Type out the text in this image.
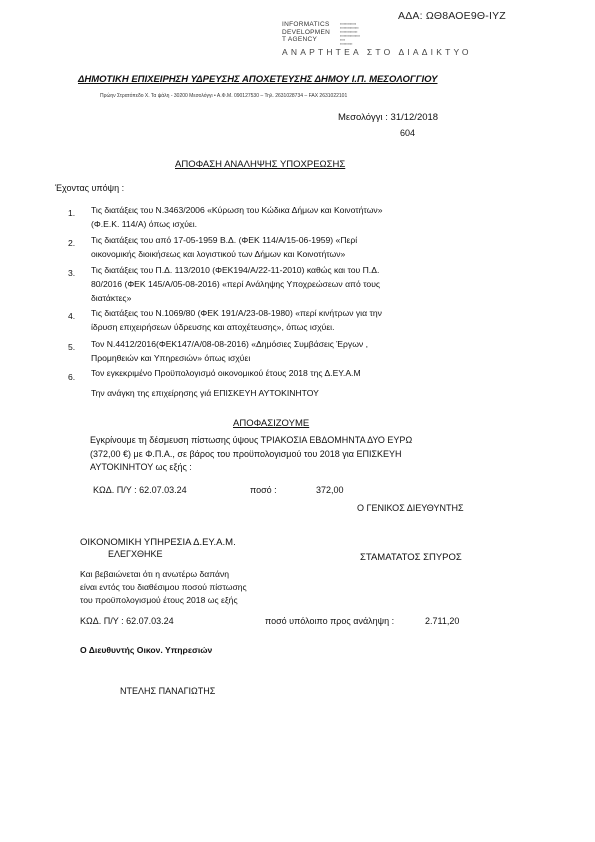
ΑΔΑ: ΩΘ8ΑΟΕ9Θ-ΙΥΖ
INFORMATICS
DEVELOPMEN
T AGENCY
▪▪▪▪▪▪▪▪▪▪▪▪▪
▪▪▪▪▪▪▪▪▪▪▪▪▪▪▪
▪▪▪▪▪▪▪▪▪▪▪▪▪▪
▪▪▪▪▪▪▪▪▪▪▪▪▪▪▪▪
▪▪▪▪
▪▪▪▪▪▪▪▪▪▪
ΑΝΑΡΤΗΤΕΑ ΣΤΟ ΔΙΑΔΙΚΤΥΟ
ΔΗΜΟΤΙΚΗ ΕΠΙΧΕΙΡΗΣΗ ΥΔΡΕΥΣΗΣ ΑΠΟΧΕΤΕΥΣΗΣ ΔΗΜΟΥ Ι.Π. ΜΕΣΟΛΟΓΓΙΟΥ
Πρώην Στρατόπεδο Χ. Τα ψάλη - 30200 Μεσολόγγι • Α.Φ.Μ. 090127530 – Τηλ. 2631028734 – FAX 2631022101
Μεσολόγγι : 31/12/2018
604
ΑΠΟΦΑΣΗ ΑΝΑΛΗΨΗΣ ΥΠΟΧΡΕΩΣΗΣ
Έχοντας υπόψη :
1. Τις διατάξεις του Ν.3463/2006 «Κύρωση του Κώδικα Δήμων και Κοινοτήτων»
(Φ.Ε.Κ. 114/Α) όπως ισχύει.
2. Τις διατάξεις του από 17-05-1959 Β.Δ. (ΦΕΚ 114/Α/15-06-1959) «Περί
οικονομικής διοικήσεως και λογιστικού των Δήμων και Κοινοτήτων»
3. Τις διατάξεις του Π.Δ. 113/2010 (ΦΕΚ194/Α/22-11-2010) καθώς και του Π.Δ.
80/2016 (ΦΕΚ 145/Α/05-08-2016) «περί Ανάληψης Υποχρεώσεων από τους
διατάκτες»
4. Τις διατάξεις του Ν.1069/80 (ΦΕΚ 191/Α/23-08-1980) «περί κινήτρων για την
ίδρυση επιχειρήσεων ύδρευσης και αποχέτευσης», όπως ισχύει.
5. Τον Ν.4412/2016(ΦΕΚ147/Α/08-08-2016) «Δημόσιες Συμβάσεις Έργων ,
Προμηθειών και Υπηρεσιών» όπως ισχύει
6. Τον εγκεκριμένο Προϋπολογισμό οικονομικού έτους 2018 της Δ.ΕΥ.Α.Μ
Την ανάγκη της επιχείρησης γιά ΕΠΙΣΚΕΥΗ ΑΥΤΟΚΙΝΗΤΟΥ
ΑΠΟΦΑΣΙΖΟΥΜΕ
Εγκρίνουμε τη δέσμευση πίστωσης ύψους ΤΡΙΑΚΟΣΙΑ ΕΒΔΟΜΗΝΤΑ ΔΥΟ ΕΥΡΩ
(372,00 €) με Φ.Π.Α., σε βάρος του προϋπολογισμού του 2018 για ΕΠΙΣΚΕΥΗ
ΑΥΤΟΚΙΝΗΤΟΥ ως εξής :
ΚΩΔ. Π/Υ : 62.07.03.24	ποσό :	372,00
Ο ΓΕΝΙΚΟΣ ΔΙΕΥΘΥΝΤΗΣ
ΟΙΚΟΝΟΜΙΚΗ ΥΠΗΡΕΣΙΑ Δ.ΕΥ.Α.Μ.
ΕΛΕΓΧΘΗΚΕ	ΣΤΑΜΑΤΑΤΟΣ ΣΠΥΡΟΣ
Και βεβαιώνεται ότι η ανωτέρω δαπάνη
είναι εντός του διαθέσιμου ποσού πίστωσης
του προϋπολογισμού έτους 2018 ως εξής
ΚΩΔ. Π/Υ : 62.07.03.24	ποσό υπόλοιπο προς ανάληψη :	2.711,20
Ο Διευθυντής Οικον. Υπηρεσιών
ΝΤΕΛΗΣ ΠΑΝΑΓΙΩΤΗΣ
